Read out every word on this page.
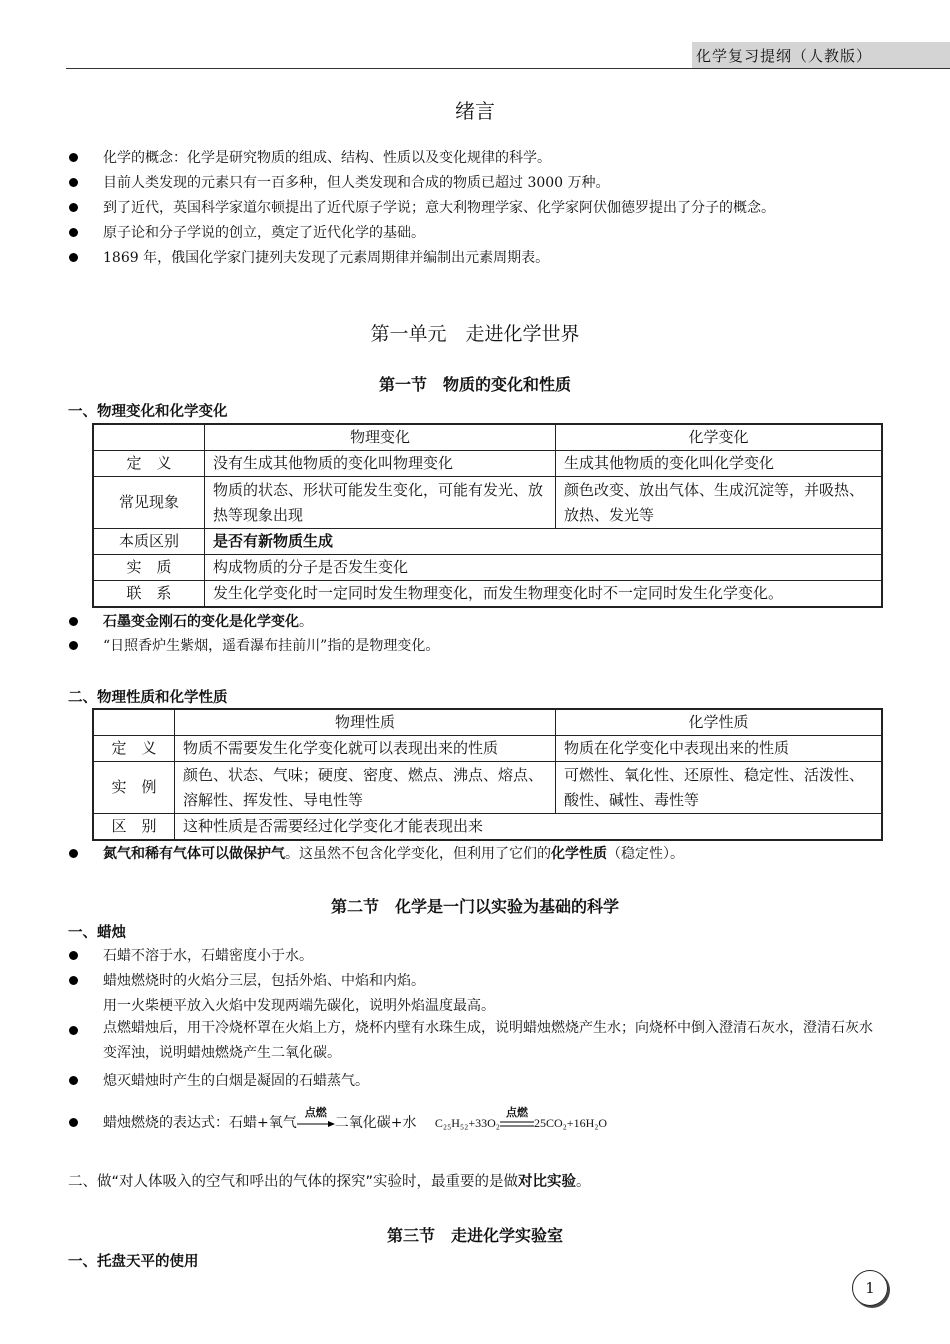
化学复习提纲（人教版）
绪言
化学的概念：化学是研究物质的组成、结构、性质以及变化规律的科学。
目前人类发现的元素只有一百多种，但人类发现和合成的物质已超过 3000 万种。
到了近代，英国科学家道尔顿提出了近代原子学说；意大利物理学家、化学家阿伏伽德罗提出了分子的概念。
原子论和分子学说的创立，奠定了近代化学的基础。
1869 年，俄国化学家门捷列夫发现了元素周期律并编制出元素周期表。
第一单元　走进化学世界
第一节　物质的变化和性质
一、物理变化和化学变化
	物理变化	化学变化
定　义	没有生成其他物质的变化叫物理变化	生成其他物质的变化叫化学变化
常见现象	物质的状态、形状可能发生变化，可能有发光、放热等现象出现	颜色改变、放出气体、生成沉淀等，并吸热、放热、发光等
本质区别	是否有新物质生成	
实　质	构成物质的分子是否发生变化	
联　系	发生化学变化时一定同时发生物理变化，而发生物理变化时不一定同时发生化学变化。	
石墨变金刚石的变化是化学变化。
“日照香炉生紫烟，遥看瀑布挂前川”指的是物理变化。
二、物理性质和化学性质
	物理性质	化学性质
定　义	物质不需要发生化学变化就可以表现出来的性质	物质在化学变化中表现出来的性质
实　例	颜色、状态、气味；硬度、密度、燃点、沸点、熔点、溶解性、挥发性、导电性等	可燃性、氧化性、还原性、稳定性、活泼性、酸性、碱性、毒性等
区　别	这种性质是否需要经过化学变化才能表现出来	
氮气和稀有气体可以做保护气。这虽然不包含化学变化，但利用了它们的化学性质（稳定性）。
第二节　化学是一门以实验为基础的科学
一、蜡烛
石蜡不溶于水，石蜡密度小于水。
蜡烛燃烧时的火焰分三层，包括外焰、中焰和内焰。
用一火柴梗平放入火焰中发现两端先碳化，说明外焰温度最高。
点燃蜡烛后，用干冷烧杯罩在火焰上方，烧杯内壁有水珠生成，说明蜡烛燃烧产生水；向烧杯中倒入澄清石灰水，澄清石灰水变浑浊，说明蜡烛燃烧产生二氧化碳。
熄灭蜡烛时产生的白烟是凝固的石蜡蒸气。
蜡烛燃烧的表达式：石蜡+氧气
点燃
二氧化碳+水 C₂₅H₅₂+33O₂
点燃
25CO₂+16H₂O
二、做“对人体吸入的空气和呼出的气体的探究”实验时，最重要的是做对比实验。
第三节　走进化学实验室
一、托盘天平的使用
1
